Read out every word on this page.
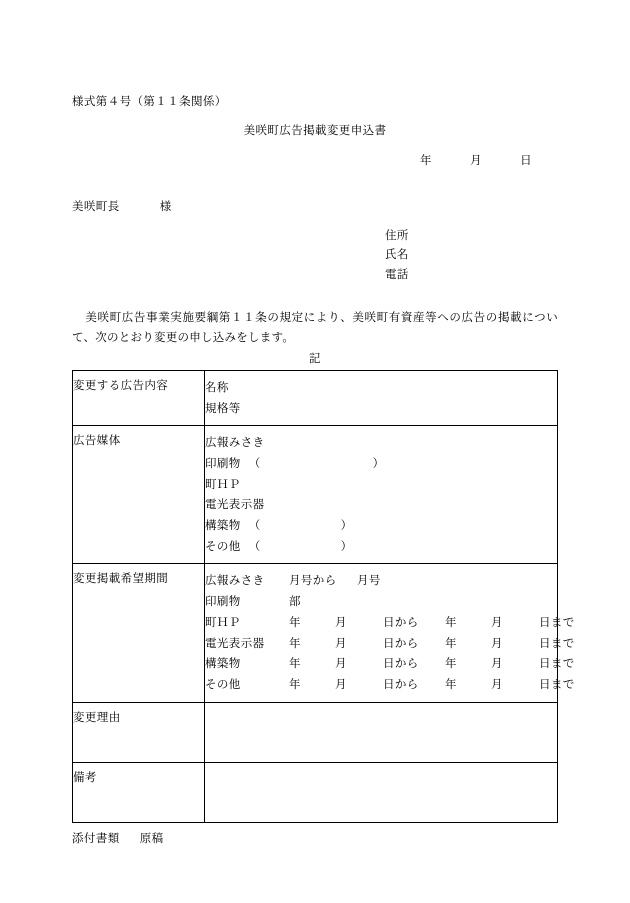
様式第４号（第１１条関係）
美咲町広告掲載変更申込書
年	月	日
美咲町長	様
住所
氏名
電話
美咲町広告事業実施要綱第１１条の規定により、美咲町有資産等への広告の掲載について、次のとおり変更の申し込みをします。
記
変更する広告内容	名称
規格等

広告媒体	広報みさき
印刷物 （	）
町ＨＰ
電光表示器
構築物 （	）
その他 （	）

変更掲載希望期間	広報みさき 月号から 月号
印刷物	部
町ＨＰ	年	月	日から	年	月	日まで
電光表示器	年	月	日から	年	月	日まで
構築物	年	月	日から	年	月	日まで
その他	年	月	日から	年	月	日まで

変更理由	
備考	
添付書類 原稿
